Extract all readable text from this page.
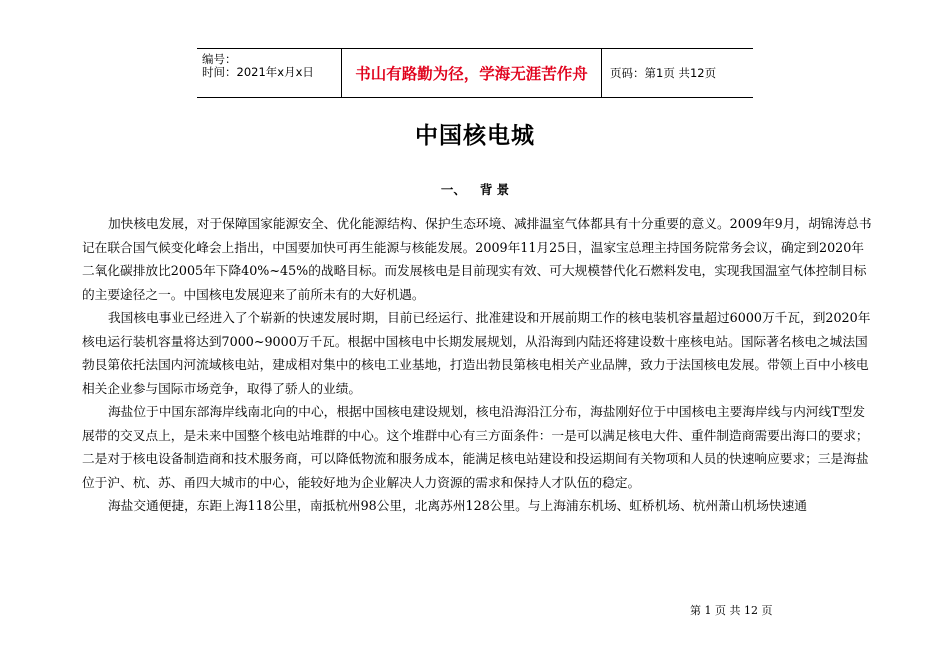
编号：
时间：2021年x月x日	书山有路勤为径，学海无涯苦作舟	页码：第1页 共12页
中国核电城
一、 背 景

加快核电发展，对于保障国家能源安全、优化能源结构、保护生态环境、减排温室气体都具有十分重要的意义。2009年9月，胡锦涛总书记在联合国气候变化峰会上指出，中国要加快可再生能源与核能发展。2009年11月25日，温家宝总理主持国务院常务会议，确定到2020年二氧化碳排放比2005年下降40%~45%的战略目标。而发展核电是目前现实有效、可大规模替代化石燃料发电，实现我国温室气体控制目标的主要途径之一。中国核电发展迎来了前所未有的大好机遇。

我国核电事业已经进入了个崭新的快速发展时期，目前已经运行、批准建设和开展前期工作的核电装机容量超过6000万千瓦，到2020年核电运行装机容量将达到7000~9000万千瓦。根据中国核电中长期发展规划，从沿海到内陆还将建设数十座核电站。国际著名核电之城法国勃艮第依托法国内河流域核电站，建成相对集中的核电工业基地，打造出勃艮第核电相关产业品牌，致力于法国核电发展。带领上百中小核电相关企业参与国际市场竞争，取得了骄人的业绩。

海盐位于中国东部海岸线南北向的中心，根据中国核电建设规划，核电沿海沿江分布，海盐刚好位于中国核电主要海岸线与内河线T型发展带的交叉点上，是未来中国整个核电站堆群的中心。这个堆群中心有三方面条件：一是可以满足核电大件、重件制造商需要出海口的要求；二是对于核电设备制造商和技术服务商，可以降低物流和服务成本，能满足核电站建设和投运期间有关物项和人员的快速响应要求；三是海盐位于沪、杭、苏、甬四大城市的中心，能较好地为企业解决人力资源的需求和保持人才队伍的稳定。

海盐交通便捷，东距上海118公里，南抵杭州98公里，北离苏州128公里。与上海浦东机场、虹桥机场、杭州萧山机场快速通

第 1 页 共 12 页
